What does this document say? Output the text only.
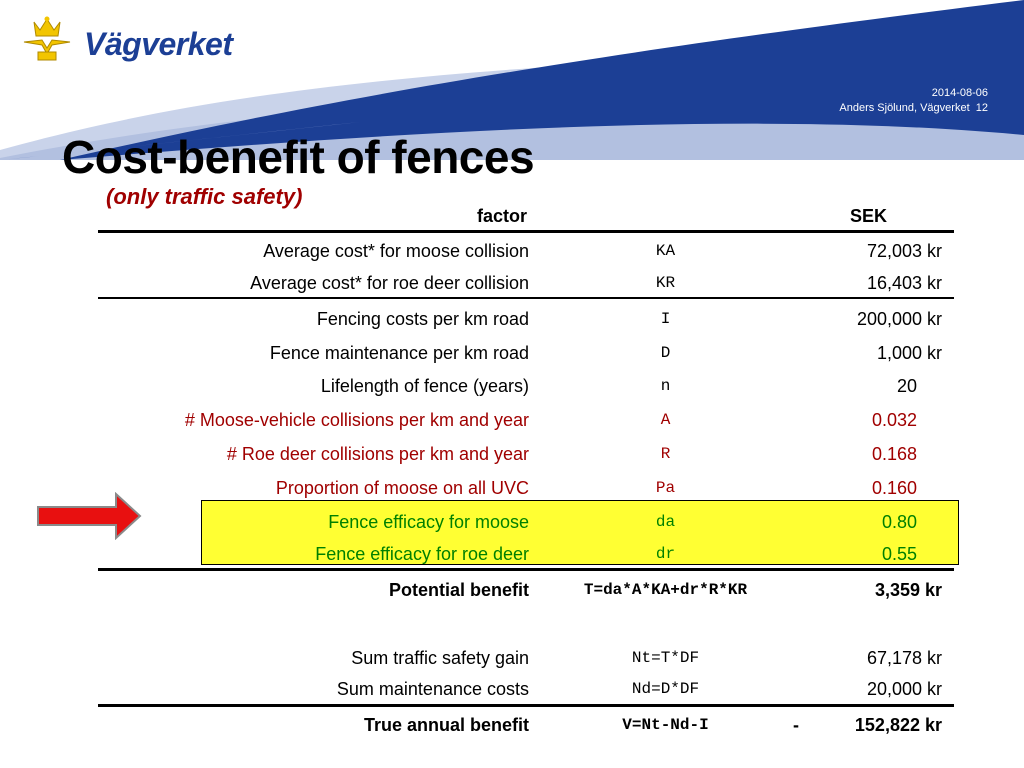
Vägverket
2014-08-06
Anders Sjölund, Vägverket 12
Cost-benefit of fences
(only traffic safety)
factor	SEK
Average cost* for moose collision	KA	72,003 kr
Average cost* for roe deer collision	KR	16,403 kr
Fencing costs per km road	I	200,000 kr
Fence maintenance per km road	D	1,000 kr
Lifelength of fence (years)	n	20
# Moose-vehicle collisions per km and year	A	0.032
# Roe deer collisions per km and year	R	0.168
Proportion of moose on all UVC	Pa	0.160
Fence efficacy for moose	da	0.80
Fence efficacy for roe deer	dr	0.55
Potential benefit	T=da*A*KA+dr*R*KR	3,359 kr
Sum traffic safety gain	Nt=T*DF	67,178 kr
Sum maintenance costs	Nd=D*DF	20,000 kr
True annual benefit	V=Nt-Nd-I	-	152,822 kr
